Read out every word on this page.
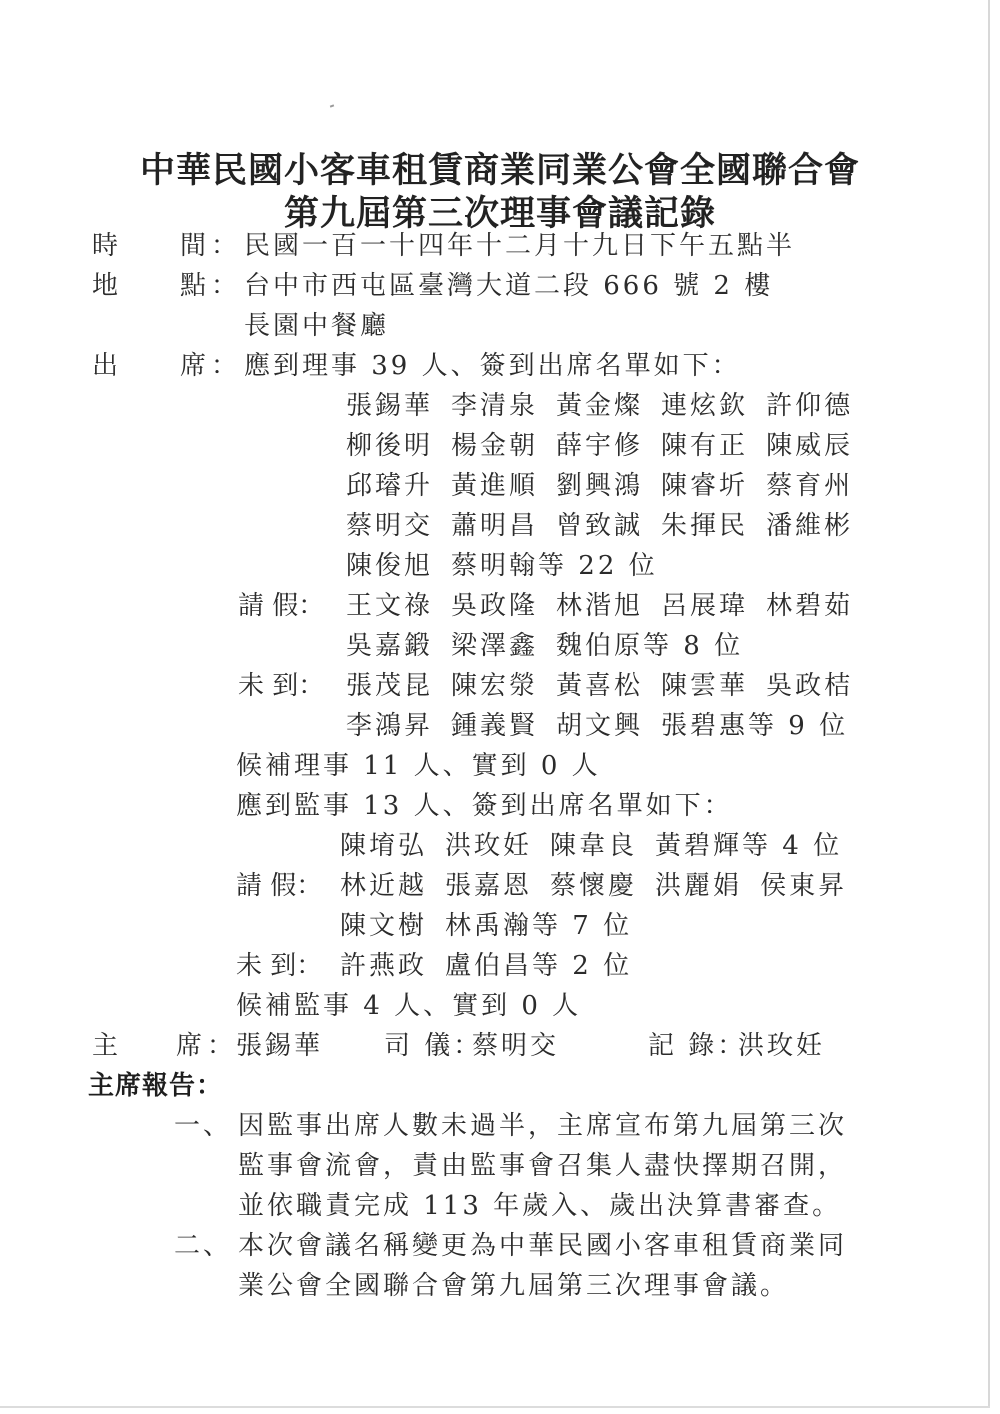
中華民國小客車租賃商業同業公會全國聯合會
第九屆第三次理事會議記錄
時 間 ： 民國一百一十四年十二月十九日下午五點半
地 點 ： 台中市西屯區臺灣大道二段 666 號 2 樓
長園中餐廳
出 席 ： 應到理事 39 人、簽到出席名單如下：
張錫華 李清泉 黃金燦 連炫欽 許仰德
柳後明 楊金朝 薛宇修 陳有正 陳威辰
邱璿升 黃進順 劉興鴻 陳睿圻 蔡育州
蔡明交 蕭明昌 曾致誠 朱揮民 潘維彬
陳俊旭 蔡明翰等 22 位
請 假： 王文祿 吳政隆 林湝旭 呂展瑋 林碧茹
吳嘉鍛 梁澤鑫 魏伯原等 8 位
未 到： 張茂昆 陳宏滎 黃喜松 陳雲華 吳政桔
李鴻昇 鍾義賢 胡文興 張碧惠等 9 位
候補理事 11 人、實到 0 人
應到監事 13 人、簽到出席名單如下：
陳堉弘 洪玫妊 陳韋良 黃碧輝等 4 位
請 假： 林近越 張嘉恩 蔡懷慶 洪麗娟 侯東昇
陳文樹 林禹瀚等 7 位
未 到： 許燕政 盧伯昌等 2 位
候補監事 4 人、實到 0 人
主 席 ： 張錫華 司 儀：
蔡明交	記 錄：
洪玫妊
主席報告：
一、 因監事出席人數未過半，主席宣布第九屆第三次
監事會流會，責由監事會召集人盡快擇期召開，
並依職責完成 113 年歲入、歲出決算書審查。
二、 本次會議名稱變更為中華民國小客車租賃商業同
業公會全國聯合會第九屆第三次理事會議。
